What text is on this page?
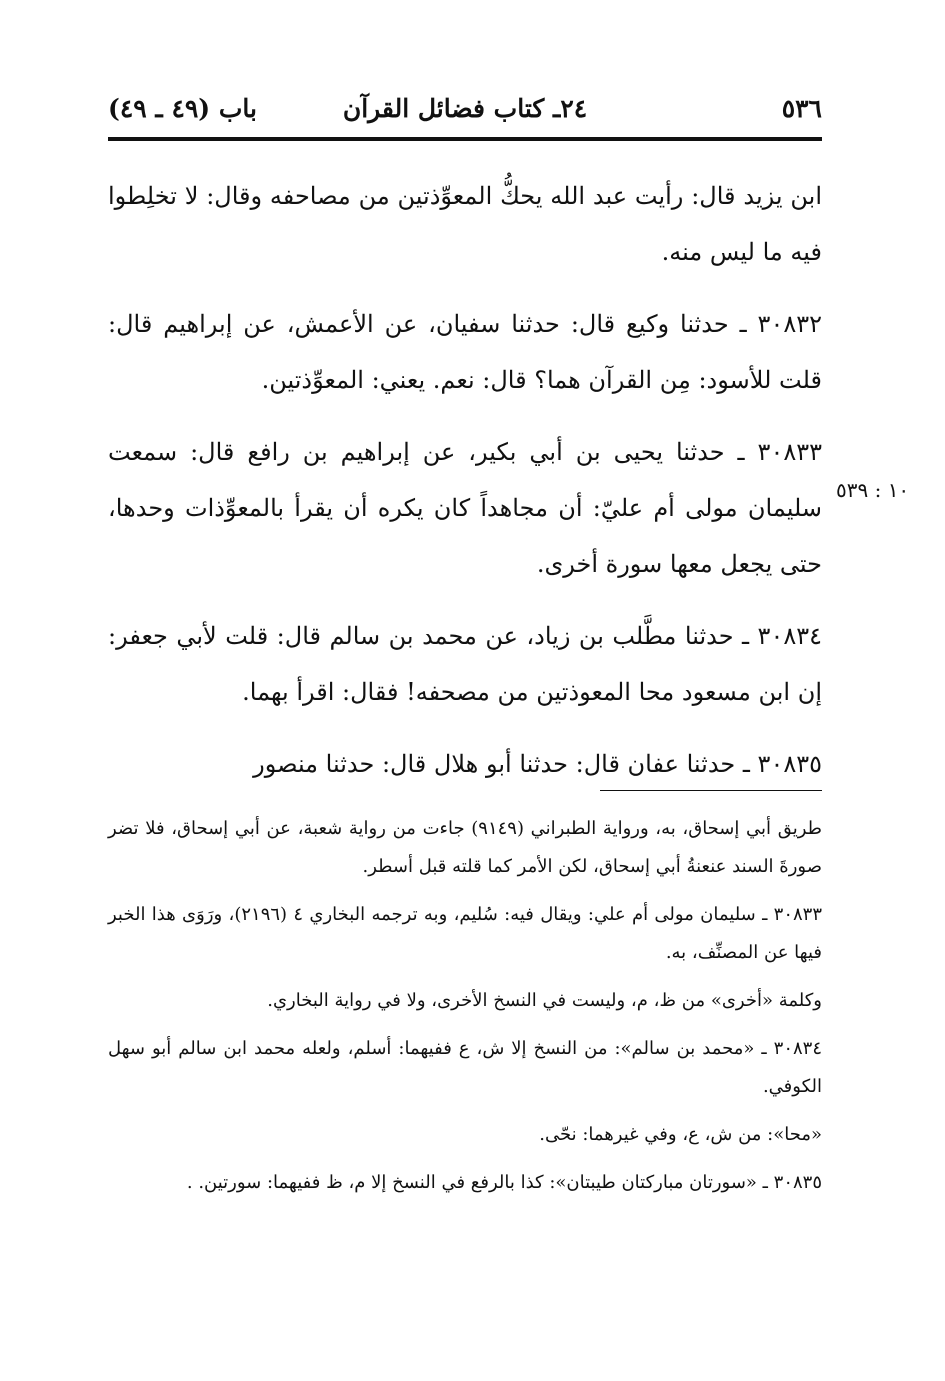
باب (٤٩ ـ ٤٩)	٢٤ـ كتاب فضائل القرآن	٥٣٦
١٠ : ٥٣٩

ابن يزيد قال: رأيت عبد الله يحكُّ المعوِّذتين من مصاحفه وقال: لا تخلِطوا فيه ما ليس منه.

٣٠٨٣٢ ـ حدثنا وكيع قال: حدثنا سفيان، عن الأعمش، عن إبراهيم قال: قلت للأسود: مِن القرآن هما؟ قال: نعم. يعني: المعوِّذتين.

٣٠٨٣٣ ـ حدثنا يحيى بن أبي بكير، عن إبراهيم بن رافع قال: سمعت سليمان مولى أم عليّ: أن مجاهداً كان يكره أن يقرأ بالمعوِّذات وحدها، حتى يجعل معها سورة أخرى.

٣٠٨٣٤ ـ حدثنا مطَّلب بن زياد، عن محمد بن سالم قال: قلت لأبي جعفر: إن ابن مسعود محا المعوذتين من مصحفه! فقال: اقرأ بهما.

٣٠٨٣٥ ـ حدثنا عفان قال: حدثنا أبو هلال قال: حدثنا منصور

طريق أبي إسحاق، به، ورواية الطبراني (٩١٤٩) جاءت من رواية شعبة، عن أبي إسحاق، فلا تضر صورةَ السند عنعنةُ أبي إسحاق، لكن الأمر كما قلته قبل أسطر.

٣٠٨٣٣ ـ سليمان مولى أم علي: ويقال فيه: سُليم، وبه ترجمه البخاري ٤ (٢١٩٦)، ورَوَى هذا الخبر فيها عن المصنِّف، به.

وكلمة «أخرى» من ظ، م، وليست في النسخ الأخرى، ولا في رواية البخاري.

٣٠٨٣٤ ـ «محمد بن سالم»: من النسخ إلا ش، ع ففيهما: أسلم، ولعله محمد ابن سالم أبو سهل الكوفي.

«محا»: من ش، ع، وفي غيرهما: نحّى.

٣٠٨٣٥ ـ «سورتان مباركتان طيبتان»: كذا بالرفع في النسخ إلا م، ظ ففيهما: سورتين. .
